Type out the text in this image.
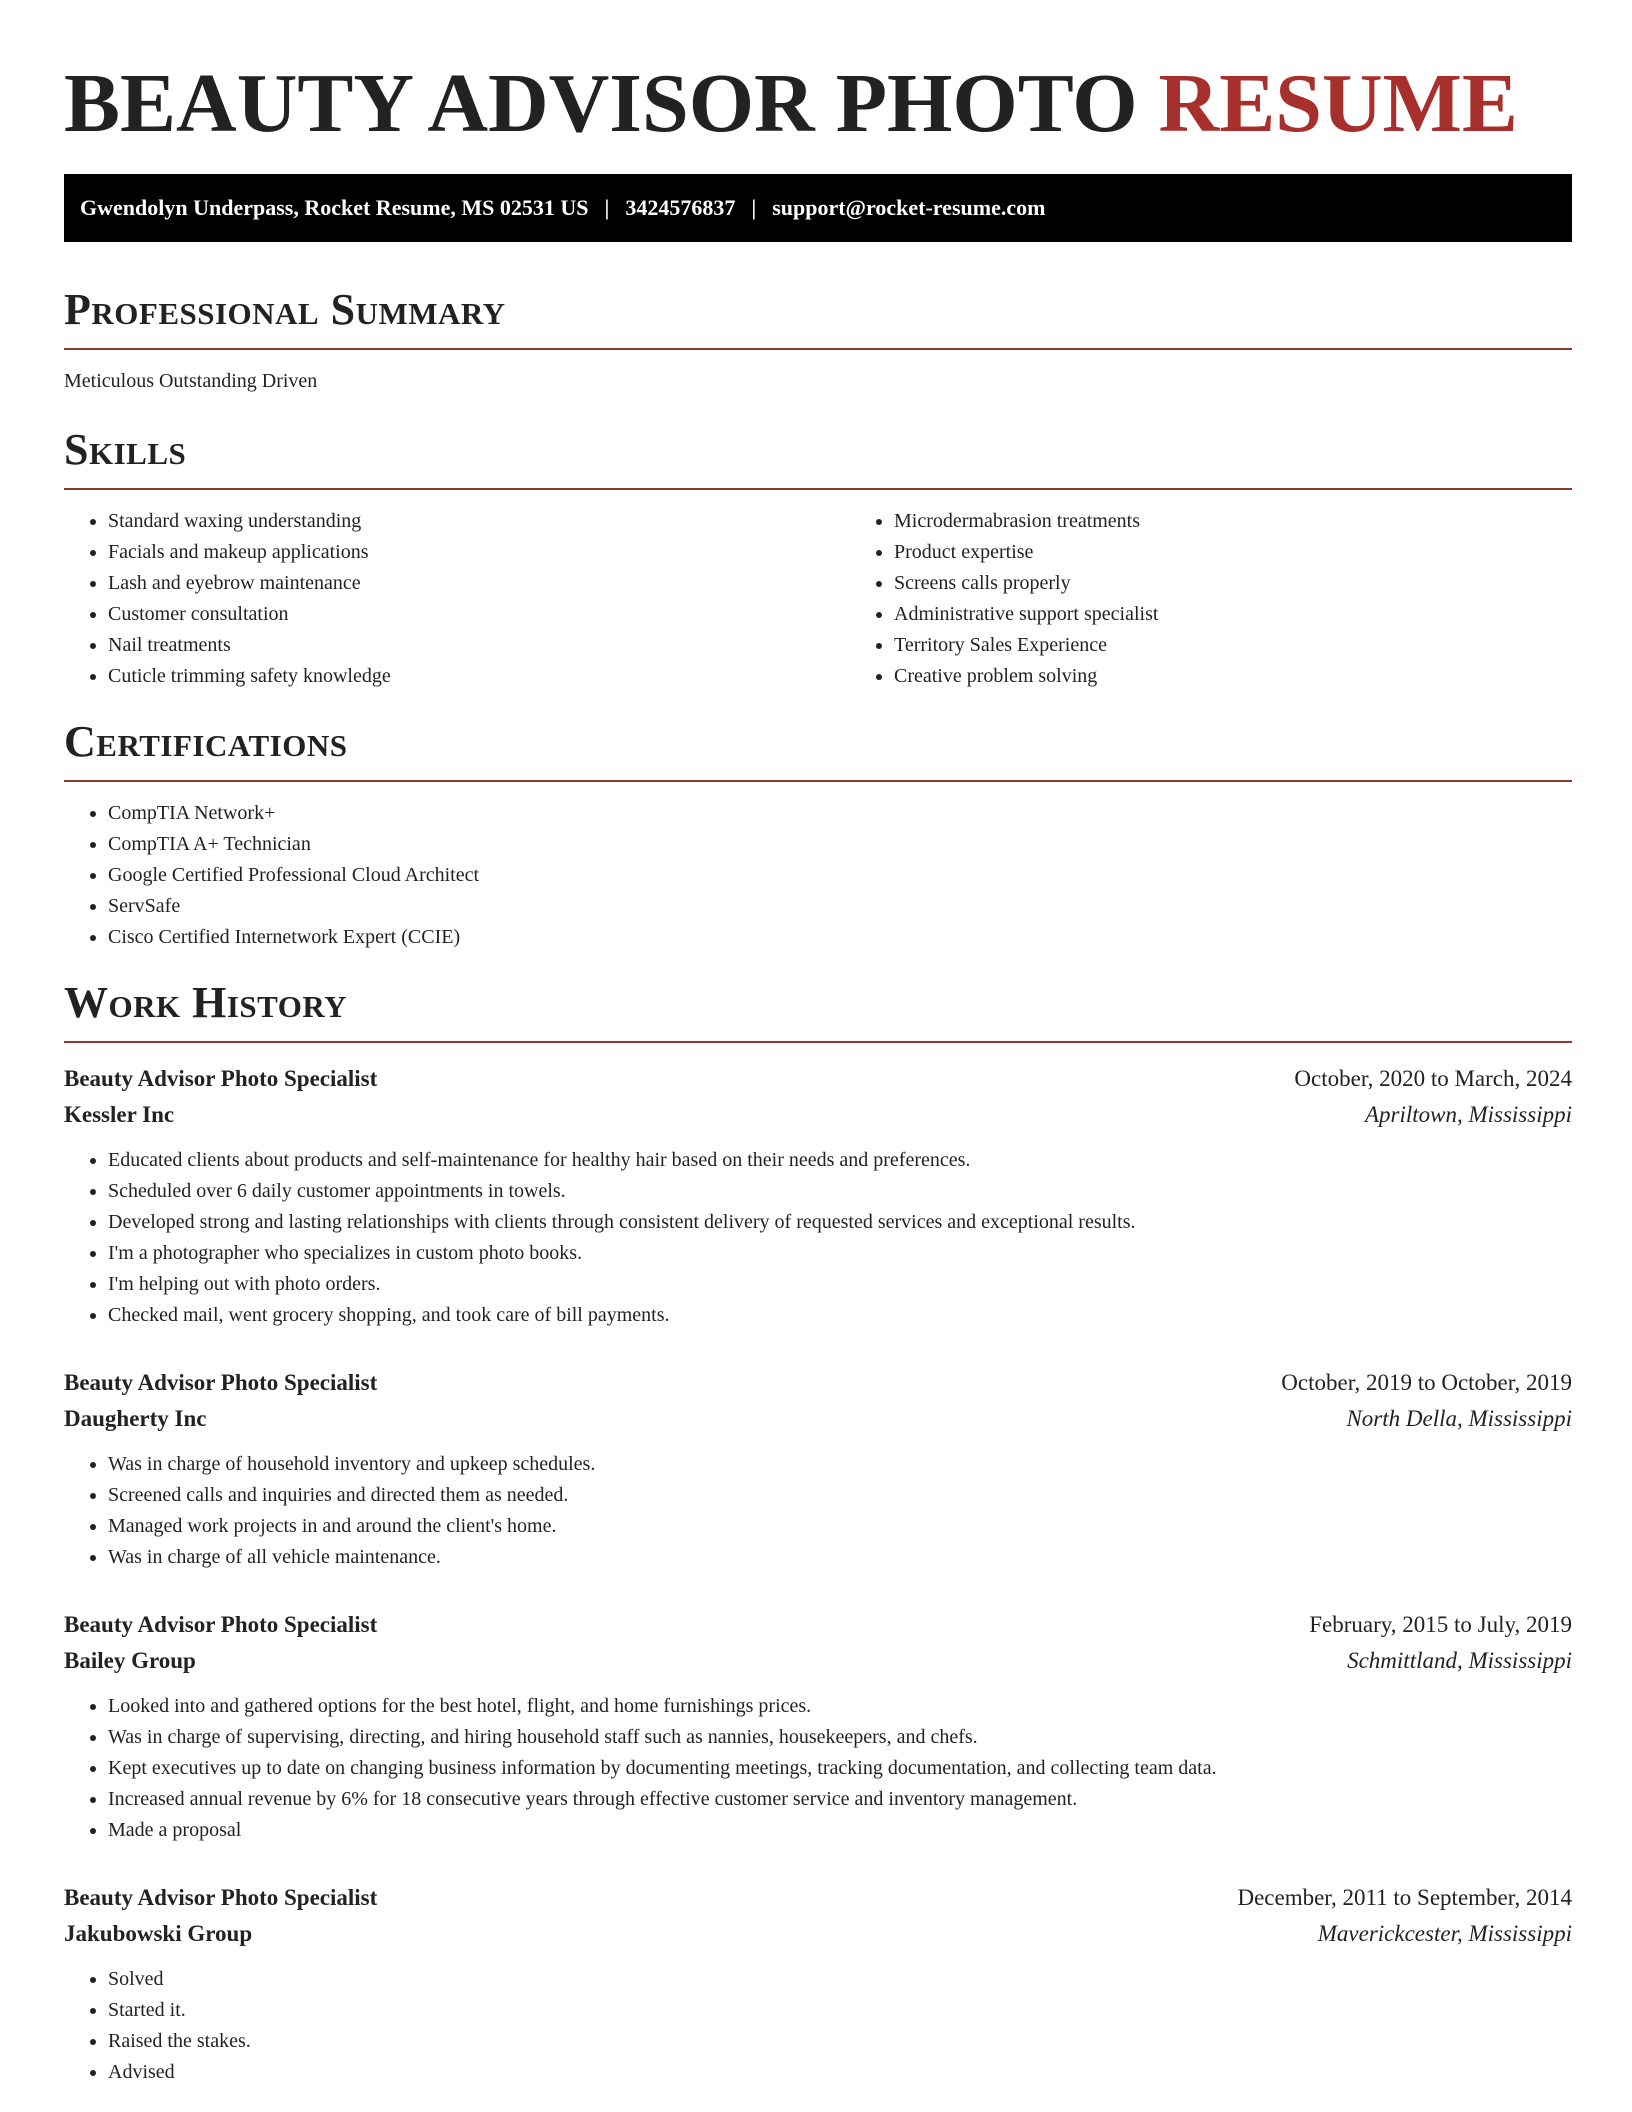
BEAUTY ADVISOR PHOTO RESUME
Gwendolyn Underpass, Rocket Resume, MS 02531 US | 3424576837 | support@rocket-resume.com
Professional Summary
Meticulous Outstanding Driven
Skills
• Standard waxing understanding
• Facials and makeup applications
• Lash and eyebrow maintenance
• Customer consultation
• Nail treatments
• Cuticle trimming safety knowledge
• Microdermabrasion treatments
• Product expertise
• Screens calls properly
• Administrative support specialist
• Territory Sales Experience
• Creative problem solving
Certifications
• CompTIA Network+
• CompTIA A+ Technician
• Google Certified Professional Cloud Architect
• ServSafe
• Cisco Certified Internetwork Expert (CCIE)
Work History
Beauty Advisor Photo Specialist	October, 2020 to March, 2024
Kessler Inc	Apriltown, Mississippi
• Educated clients about products and self-maintenance for healthy hair based on their needs and preferences.
• Scheduled over 6 daily customer appointments in towels.
• Developed strong and lasting relationships with clients through consistent delivery of requested services and exceptional results.
• I'm a photographer who specializes in custom photo books.
• I'm helping out with photo orders.
• Checked mail, went grocery shopping, and took care of bill payments.
Beauty Advisor Photo Specialist	October, 2019 to October, 2019
Daugherty Inc	North Della, Mississippi
• Was in charge of household inventory and upkeep schedules.
• Screened calls and inquiries and directed them as needed.
• Managed work projects in and around the client's home.
• Was in charge of all vehicle maintenance.
Beauty Advisor Photo Specialist	February, 2015 to July, 2019
Bailey Group	Schmittland, Mississippi
• Looked into and gathered options for the best hotel, flight, and home furnishings prices.
• Was in charge of supervising, directing, and hiring household staff such as nannies, housekeepers, and chefs.
• Kept executives up to date on changing business information by documenting meetings, tracking documentation, and collecting team data.
• Increased annual revenue by 6% for 18 consecutive years through effective customer service and inventory management.
• Made a proposal
Beauty Advisor Photo Specialist	December, 2011 to September, 2014
Jakubowski Group	Maverickcester, Mississippi
• Solved
• Started it.
• Raised the stakes.
• Advised
